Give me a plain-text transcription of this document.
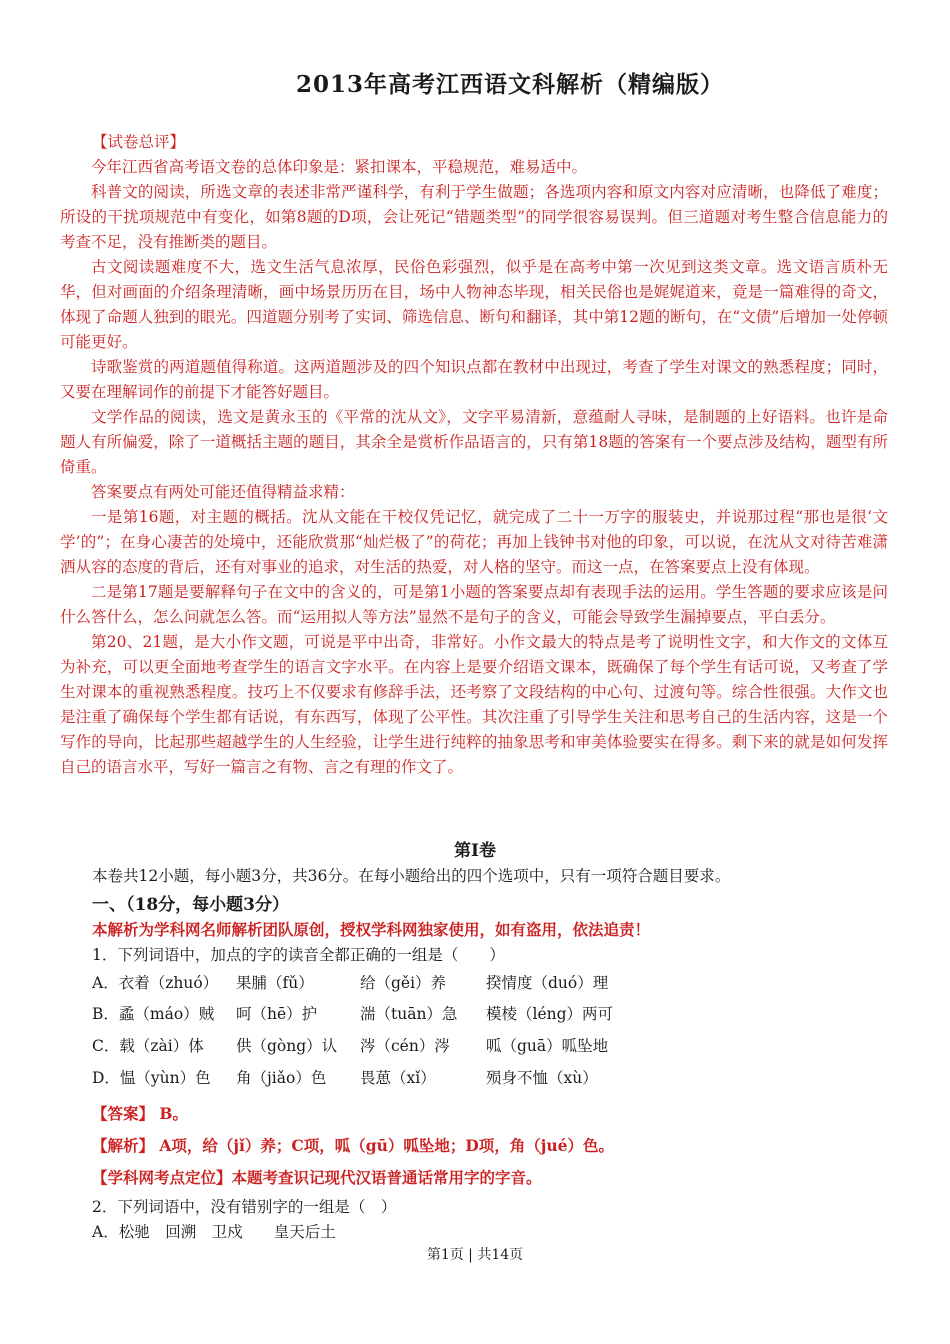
2013年高考江西语文科解析（精编版）
【试卷总评】

今年江西省高考语文卷的总体印象是：紧扣课本，平稳规范，难易适中。

科普文的阅读，所选文章的表述非常严谨科学，有利于学生做题；各选项内容和原文内容对应清晰，也降低了难度；所设的干扰项规范中有变化，如第8题的D项，会让死记“错题类型”的同学很容易误判。但三道题对考生整合信息能力的考查不足，没有推断类的题目。

古文阅读题难度不大，选文生活气息浓厚，民俗色彩强烈，似乎是在高考中第一次见到这类文章。选文语言质朴无华，但对画面的介绍条理清晰，画中场景历历在目，场中人物神态毕现，相关民俗也是娓娓道来，竟是一篇难得的奇文，体现了命题人独到的眼光。四道题分别考了实词、筛选信息、断句和翻译，其中第12题的断句，在“文债”后增加一处停顿可能更好。

诗歌鉴赏的两道题值得称道。这两道题涉及的四个知识点都在教材中出现过，考查了学生对课文的熟悉程度；同时，又要在理解词作的前提下才能答好题目。

文学作品的阅读，选文是黄永玉的《平常的沈从文》，文字平易清新，意蕴耐人寻味，是制题的上好语料。也许是命题人有所偏爱，除了一道概括主题的题目，其余全是赏析作品语言的，只有第18题的答案有一个要点涉及结构，题型有所倚重。

答案要点有两处可能还值得精益求精：

一是第16题，对主题的概括。沈从文能在干校仅凭记忆，就完成了二十一万字的服装史，并说那过程“那也是很‘文学’的”；在身心凄苦的处境中，还能欣赏那“灿烂极了”的荷花；再加上钱钟书对他的印象，可以说，在沈从文对待苦难潇洒从容的态度的背后，还有对事业的追求，对生活的热爱，对人格的坚守。而这一点，在答案要点上没有体现。

二是第17题是要解释句子在文中的含义的，可是第1小题的答案要点却有表现手法的运用。学生答题的要求应该是问什么答什么，怎么问就怎么答。而“运用拟人等方法”显然不是句子的含义，可能会导致学生漏掉要点，平白丢分。

第20、21题，是大小作文题，可说是平中出奇，非常好。小作文最大的特点是考了说明性文字，和大作文的文体互为补充，可以更全面地考查学生的语言文字水平。在内容上是要介绍语文课本，既确保了每个学生有话可说，又考查了学生对课本的重视熟悉程度。技巧上不仅要求有修辞手法，还考察了文段结构的中心句、过渡句等。综合性很强。大作文也是注重了确保每个学生都有话说，有东西写，体现了公平性。其次注重了引导学生关注和思考自己的生活内容，这是一个写作的导向，比起那些超越学生的人生经验，让学生进行纯粹的抽象思考和审美体验要实在得多。剩下来的就是如何发挥自己的语言水平，写好一篇言之有物、言之有理的作文了。

第Ⅰ卷
本卷共12小题，每小题3分，共36分。在每小题给出的四个选项中，只有一项符合题目要求。
一、（18分，每小题3分）
本解析为学科网名师解析团队原创，授权学科网独家使用，如有盗用，依法追责！
1．下列词语中，加点的字的读音全都正确的一组是（　　）
A．衣着（zhuó） 果脯（fǔ）	给（gěi）养	揆情度（duó）理
B．蟊（máo）贼 呵（hē）护	湍（tuān）急 模棱（léng）两可
C．载（zài）体 供（gòng）认 涔（cén）涔 呱（guā）呱坠地
D．愠（yùn）色 角（jiǎo）色 畏葸（xǐ）	殒身不恤（xù）
【答案】 B。
【解析】 A项，给（jǐ）养；C项，呱（gū）呱坠地；D项，角（jué）色。
【学科网考点定位】本题考查识记现代汉语普通话常用字的字音。
2．下列词语中，没有错别字的一组是（　）
A．松驰　回溯　卫戍　　皇天后土
第1页 | 共14页
